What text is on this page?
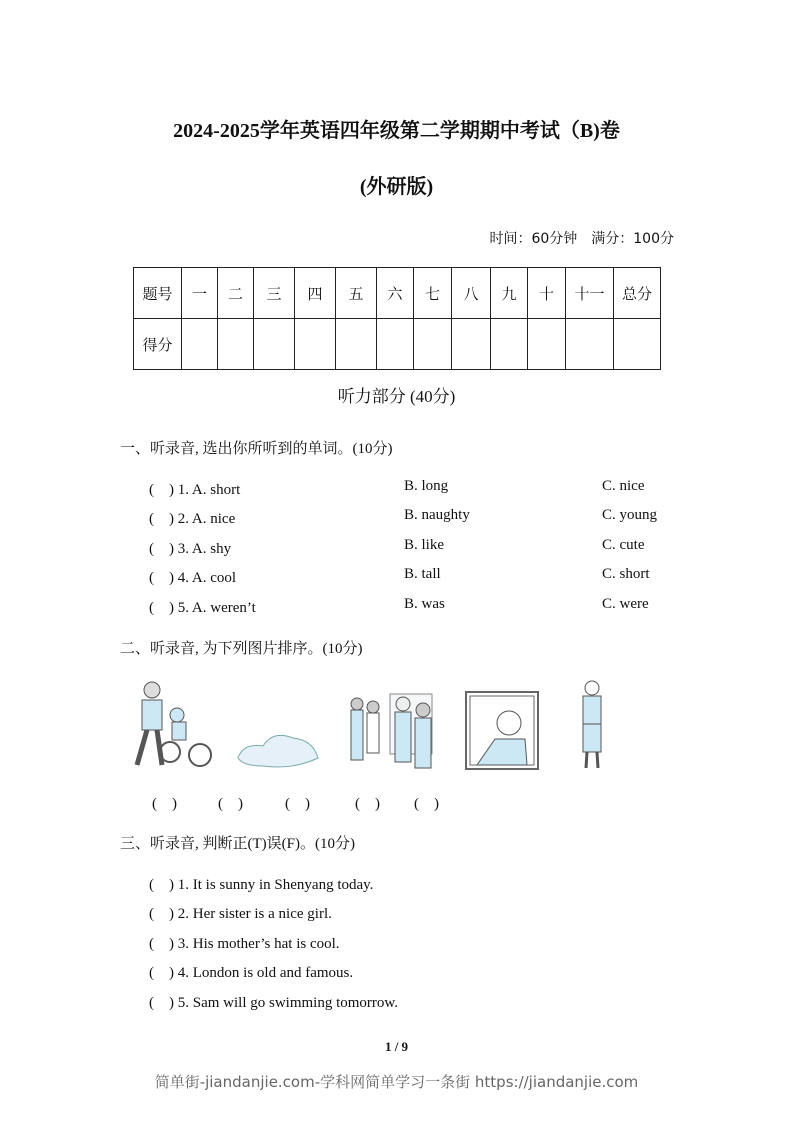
2024-2025学年英语四年级第二学期期中考试（B)卷
(外研版)
时间：60分钟　满分：100分
题号	一	二	三	四	五	六	七	八	九	十	十一	总分
得分												
听力部分 (40分)
一、听录音, 选出你所听到的单词。(10分)
(　) 1. A. short	B. long	C. nice
(　) 2. A. nice	B. naughty	C. young
(　) 3. A. shy	B. like	C. cute
(　) 4. A. cool	B. tall	C. short
(　) 5. A. weren’t	B. was	C. were
二、听录音, 为下列图片排序。(10分)
(　)	(　)	(　)	(　) (　)
三、听录音, 判断正(T)误(F)。(10分)
(　) 1. It is sunny in Shenyang today.
(　) 2. Her sister is a nice girl.
(　) 3. His mother’s hat is cool.
(　) 4. London is old and famous.
(　) 5. Sam will go swimming tomorrow.
1 / 9
简单街-jiandanjie.com-学科网简单学习一条街 https://jiandanjie.com
